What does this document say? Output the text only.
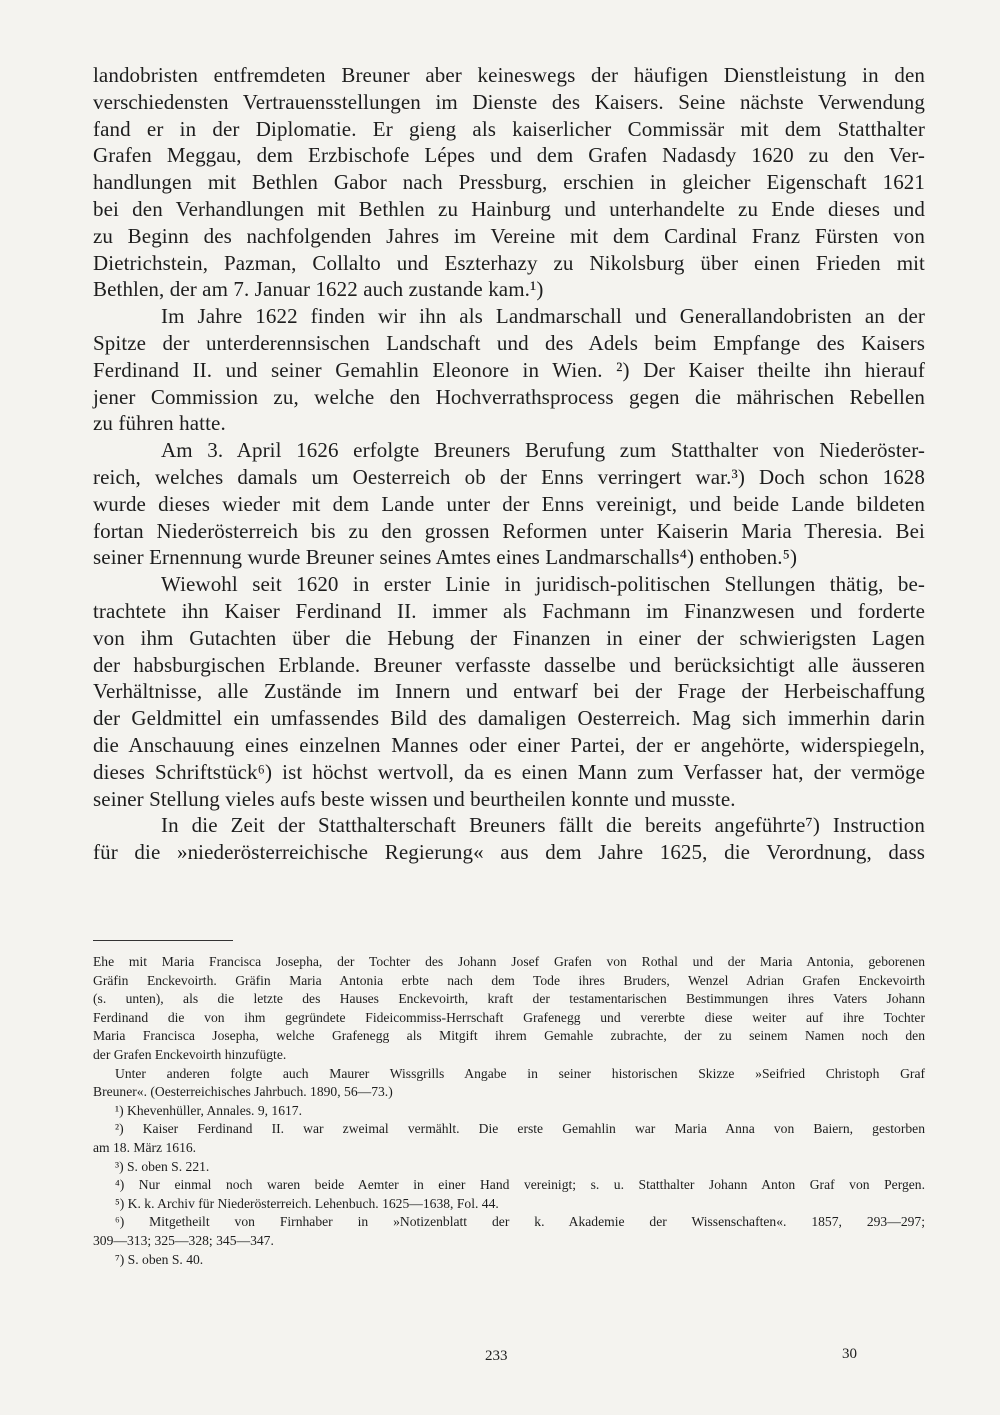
landobristen entfremdeten Breuner aber keineswegs der häufigen Dienstleistung in den
verschiedensten Vertrauensstellungen im Dienste des Kaisers. Seine nächste Verwendung
fand er in der Diplomatie. Er gieng als kaiserlicher Commissär mit dem Statthalter
Grafen Meggau, dem Erzbischofe Lépes und dem Grafen Nadasdy 1620 zu den Ver-
handlungen mit Bethlen Gabor nach Pressburg, erschien in gleicher Eigenschaft 1621
bei den Verhandlungen mit Bethlen zu Hainburg und unterhandelte zu Ende dieses und
zu Beginn des nachfolgenden Jahres im Vereine mit dem Cardinal Franz Fürsten von
Dietrichstein, Pazman, Collalto und Eszterhazy zu Nikolsburg über einen Frieden mit
Bethlen, der am 7. Januar 1622 auch zustande kam.¹)
Im Jahre 1622 finden wir ihn als Landmarschall und Generallandobristen an der
Spitze der unterderennsischen Landschaft und des Adels beim Empfange des Kaisers
Ferdinand II. und seiner Gemahlin Eleonore in Wien. ²) Der Kaiser theilte ihn hierauf
jener Commission zu, welche den Hochverrathsprocess gegen die mährischen Rebellen
zu führen hatte.
Am 3. April 1626 erfolgte Breuners Berufung zum Statthalter von Niederöster-
reich, welches damals um Oesterreich ob der Enns verringert war.³) Doch schon 1628
wurde dieses wieder mit dem Lande unter der Enns vereinigt, und beide Lande bildeten
fortan Niederösterreich bis zu den grossen Reformen unter Kaiserin Maria Theresia. Bei
seiner Ernennung wurde Breuner seines Amtes eines Landmarschalls⁴) enthoben.⁵)
Wiewohl seit 1620 in erster Linie in juridisch-politischen Stellungen thätig, be-
trachtete ihn Kaiser Ferdinand II. immer als Fachmann im Finanzwesen und forderte
von ihm Gutachten über die Hebung der Finanzen in einer der schwierigsten Lagen
der habsburgischen Erblande. Breuner verfasste dasselbe und berücksichtigt alle äusseren
Verhältnisse, alle Zustände im Innern und entwarf bei der Frage der Herbeischaffung
der Geldmittel ein umfassendes Bild des damaligen Oesterreich. Mag sich immerhin darin
die Anschauung eines einzelnen Mannes oder einer Partei, der er angehörte, widerspiegeln,
dieses Schriftstück⁶) ist höchst wertvoll, da es einen Mann zum Verfasser hat, der vermöge
seiner Stellung vieles aufs beste wissen und beurtheilen konnte und musste.
In die Zeit der Statthalterschaft Breuners fällt die bereits angeführte⁷) Instruction
für die »niederösterreichische Regierung« aus dem Jahre 1625, die Verordnung, dass
Ehe mit Maria Francisca Josepha, der Tochter des Johann Josef Grafen von Rothal und der Maria Antonia, geborenen
Gräfin Enckevoirth. Gräfin Maria Antonia erbte nach dem Tode ihres Bruders, Wenzel Adrian Grafen Enckevoirth
(s. unten), als die letzte des Hauses Enckevoirth, kraft der testamentarischen Bestimmungen ihres Vaters Johann
Ferdinand die von ihm gegründete Fideicommiss-Herrschaft Grafenegg und vererbte diese weiter auf ihre Tochter
Maria Francisca Josepha, welche Grafenegg als Mitgift ihrem Gemahle zubrachte, der zu seinem Namen noch den
der Grafen Enckevoirth hinzufügte.
Unter anderen folgte auch Maurer Wissgrills Angabe in seiner historischen Skizze »Seifried Christoph Graf
Breuner«. (Oesterreichisches Jahrbuch. 1890, 56—73.)
¹) Khevenhüller, Annales. 9, 1617.
²) Kaiser Ferdinand II. war zweimal vermählt. Die erste Gemahlin war Maria Anna von Baiern, gestorben
am 18. März 1616.
³) S. oben S. 221.
⁴) Nur einmal noch waren beide Aemter in einer Hand vereinigt; s. u. Statthalter Johann Anton Graf von Pergen.
⁵) K. k. Archiv für Niederösterreich. Lehenbuch. 1625—1638, Fol. 44.
⁶) Mitgetheilt von Firnhaber in »Notizenblatt der k. Akademie der Wissenschaften«. 1857, 293—297;
309—313; 325—328; 345—347.
⁷) S. oben S. 40.
233	30
